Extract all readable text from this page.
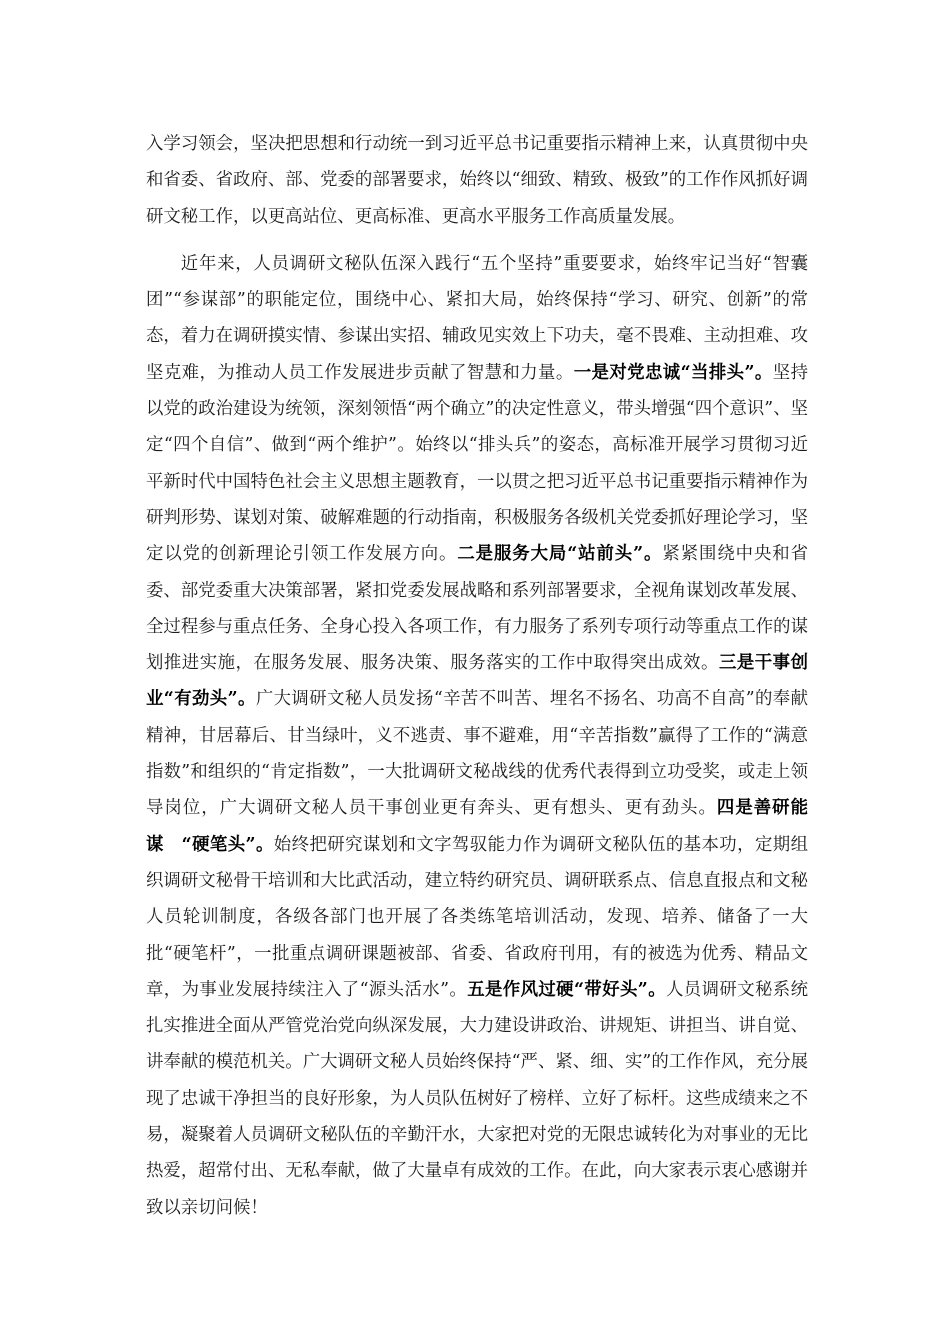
入学习领会，坚决把思想和行动统一到习近平总书记重要指示精神上来，认真贯彻中央和省委、省政府、部、党委的部署要求，始终以“细致、精致、极致”的工作作风抓好调研文秘工作，以更高站位、更高标准、更高水平服务工作高质量发展。

近年来，人员调研文秘队伍深入践行“五个坚持”重要要求，始终牢记当好“智囊团”“参谋部”的职能定位，围绕中心、紧扣大局，始终保持“学习、研究、创新”的常态，着力在调研摸实情、参谋出实招、辅政见实效上下功夫，毫不畏难、主动担难、攻坚克难，为推动人员工作发展进步贡献了智慧和力量。一是对党忠诚“当排头”。坚持以党的政治建设为统领，深刻领悟“两个确立”的决定性意义，带头增强“四个意识”、坚定“四个自信”、做到“两个维护”。始终以“排头兵”的姿态，高标准开展学习贯彻习近平新时代中国特色社会主义思想主题教育，一以贯之把习近平总书记重要指示精神作为研判形势、谋划对策、破解难题的行动指南，积极服务各级机关党委抓好理论学习，坚定以党的创新理论引领工作发展方向。二是服务大局“站前头”。紧紧围绕中央和省委、部党委重大决策部署，紧扣党委发展战略和系列部署要求，全视角谋划改革发展、全过程参与重点任务、全身心投入各项工作，有力服务了系列专项行动等重点工作的谋划推进实施，在服务发展、服务决策、服务落实的工作中取得突出成效。三是干事创业“有劲头”。广大调研文秘人员发扬“辛苦不叫苦、埋名不扬名、功高不自高”的奉献精神，甘居幕后、甘当绿叶，义不逃责、事不避难，用“辛苦指数”赢得了工作的“满意指数”和组织的“肯定指数”，一大批调研文秘战线的优秀代表得到立功受奖，或走上领导岗位，广大调研文秘人员干事创业更有奔头、更有想头、更有劲头。四是善研能谋　“硬笔头”。始终把研究谋划和文字驾驭能力作为调研文秘队伍的基本功，定期组织调研文秘骨干培训和大比武活动，建立特约研究员、调研联系点、信息直报点和文秘人员轮训制度，各级各部门也开展了各类练笔培训活动，发现、培养、储备了一大批“硬笔杆”，一批重点调研课题被部、省委、省政府刊用，有的被选为优秀、精品文章，为事业发展持续注入了“源头活水”。五是作风过硬“带好头”。人员调研文秘系统扎实推进全面从严管党治党向纵深发展，大力建设讲政治、讲规矩、讲担当、讲自觉、讲奉献的模范机关。广大调研文秘人员始终保持“严、紧、细、实”的工作作风，充分展现了忠诚干净担当的良好形象，为人员队伍树好了榜样、立好了标杆。这些成绩来之不易，凝聚着人员调研文秘队伍的辛勤汗水，大家把对党的无限忠诚转化为对事业的无比热爱，超常付出、无私奉献，做了大量卓有成效的工作。在此，向大家表示衷心感谢并致以亲切问候！
